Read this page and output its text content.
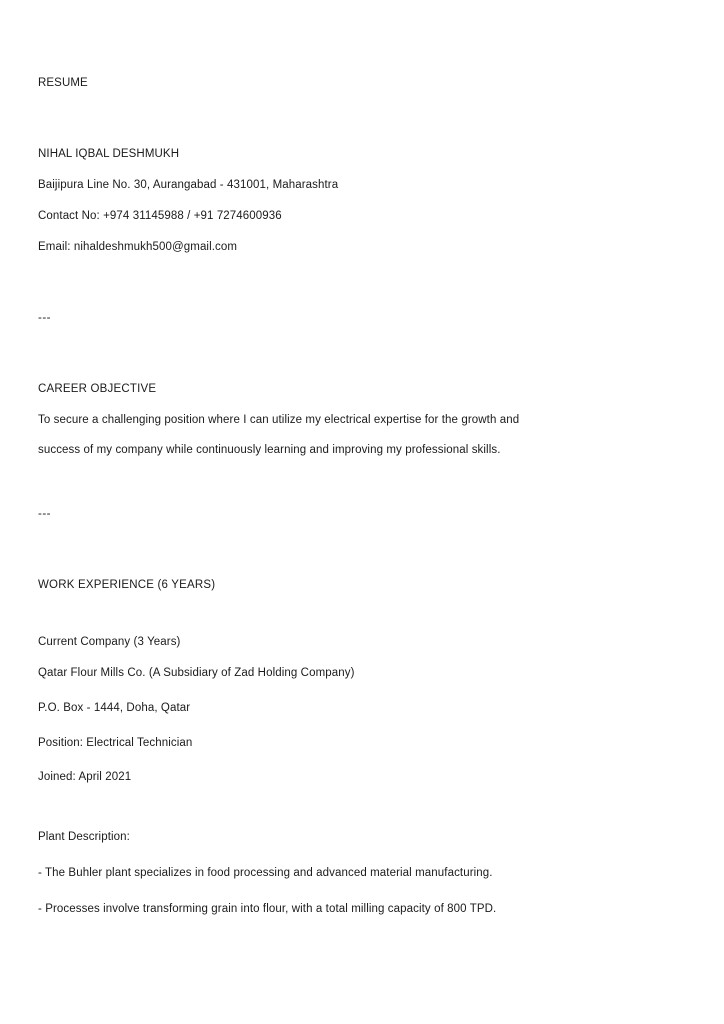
RESUME
NIHAL IQBAL DESHMUKH
Baijipura Line No. 30, Aurangabad - 431001, Maharashtra
Contact No: +974 31145988 / +91 7274600936
Email: nihaldeshmukh500@gmail.com
---
CAREER OBJECTIVE
To secure a challenging position where I can utilize my electrical expertise for the growth and
success of my company while continuously learning and improving my professional skills.
---
WORK EXPERIENCE (6 YEARS)
Current Company (3 Years)
Qatar Flour Mills Co. (A Subsidiary of Zad Holding Company)
P.O. Box - 1444, Doha, Qatar
Position: Electrical Technician
Joined: April 2021
Plant Description:
- The Buhler plant specializes in food processing and advanced material manufacturing.
- Processes involve transforming grain into flour, with a total milling capacity of 800 TPD.
